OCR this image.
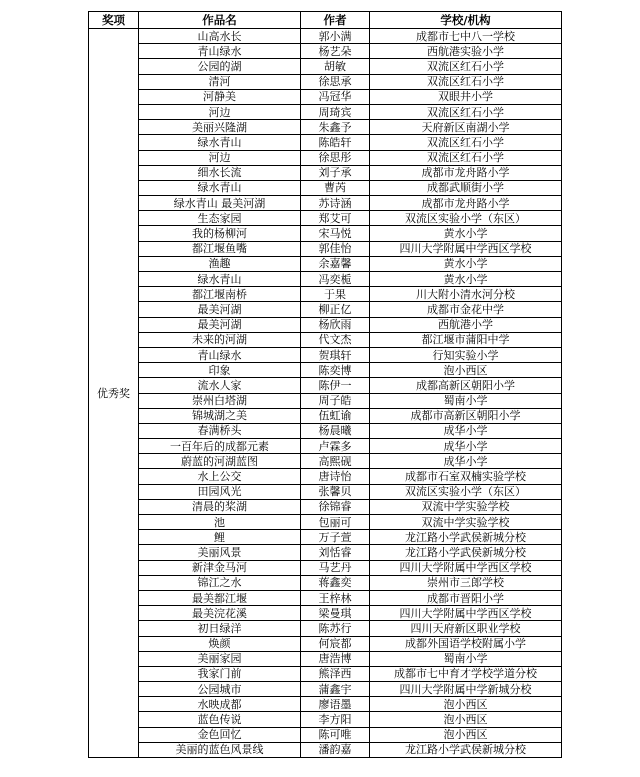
奖项	作品名	作者	学校/机构
优秀奖	山高水长	郭小满	成都市七中八一学校
	青山绿水	杨艺朵	西航港实验小学
	公园的湖	胡敏	双流区红石小学
	清河	徐思承	双流区红石小学
	河静美	冯冠华	双眼井小学
	河边	周琦宾	双流区红石小学
	美丽兴隆湖	朱鑫予	天府新区南湖小学
	绿水青山	陈皓轩	双流区红石小学
	河边	徐思彤	双流区红石小学
	细水长流	刘子承	成都市龙舟路小学
	绿水青山	曹芮	成都武顺街小学
	绿水青山 最美河湖	苏诗涵	成都市龙舟路小学
	生态家园	郑艾可	双流区实验小学（东区）
	我的杨柳河	宋马悦	黄水小学
	都江堰鱼嘴	郭佳怡	四川大学附属中学西区学校
	渔趣	余嘉馨	黄水小学
	绿水青山	冯奕栀	黄水小学
	都江堰南桥	于果	川大附小清水河分校
	最美河湖	柳正亿	成都市金花中学
	最美河湖	杨欣雨	西航港小学
	未来的河湖	代文杰	都江堰市蒲阳中学
	青山绿水	贺琪轩	行知实验小学
	印象	陈奕博	泡小西区
	流水人家	陈伊一	成都高新区朝阳小学
	崇州白塔湖	周子皓	蜀南小学
	锦城湖之美	伍虹谕	成都市高新区朝阳小学
	春满桥头	杨晨曦	成华小学
	一百年后的成都元素	卢霖多	成华小学
	蔚蓝的河湖蓝图	高熙砚	成华小学
	水上公交	唐诗怡	成都市石室双楠实验学校
	田园风光	张馨贝	双流区实验小学（东区）
	清晨的桨湖	徐锦睿	双流中学实验学校
	池	包丽可	双流中学实验学校
	鲤	万子萱	龙江路小学武侯新城分校
	美丽风景	刘恬睿	龙江路小学武侯新城分校
	新津金马河	马艺丹	四川大学附属中学西区学校
	锦江之水	蒋鑫奕	崇州市三郎学校
	最美都江堰	王梓林	成都市晋阳小学
	最美浣花溪	梁曼琪	四川大学附属中学西区学校
	初日绿洋	陈苏行	四川天府新区职业学校
	焕颜	何宸都	成都外国语学校附属小学
	美丽家园	唐浩博	蜀南小学
	我家门前	熊泽西	成都市七中育才学校学道分校
	公园城市	蒲鑫宇	四川大学附属中学新城分校
	水映成都	廖语墨	泡小西区
	蓝色传说	李方阳	泡小西区
	金色回忆	陈可唯	泡小西区
	美丽的蓝色风景线	潘韵嘉	龙江路小学武侯新城分校
